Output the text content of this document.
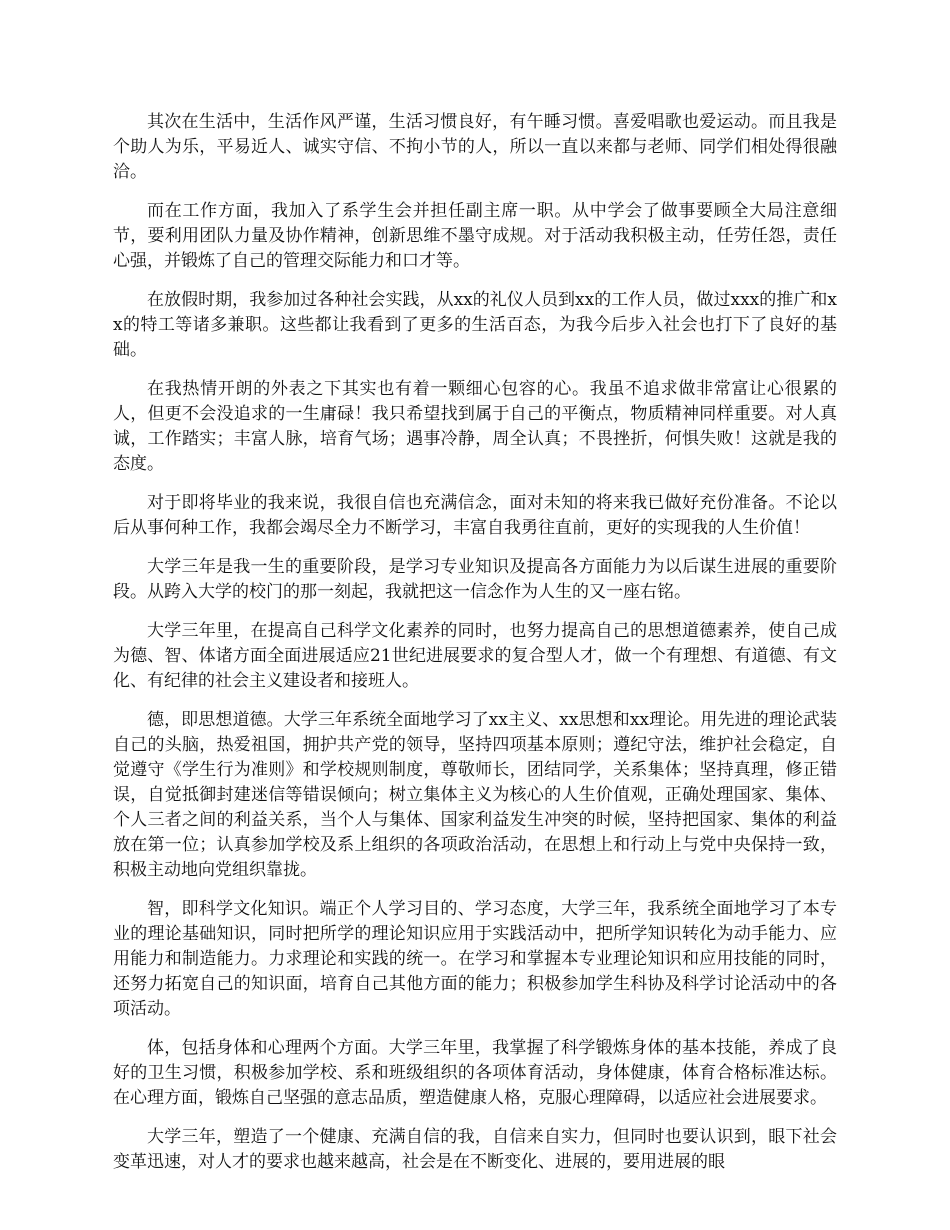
其次在生活中，生活作风严谨，生活习惯良好，有午睡习惯。喜爱唱歌也爱运动。而且我是个助人为乐，平易近人、诚实守信、不拘小节的人，所以一直以来都与老师、同学们相处得很融洽。

而在工作方面，我加入了系学生会并担任副主席一职。从中学会了做事要顾全大局注意细节，要利用团队力量及协作精神，创新思维不墨守成规。对于活动我积极主动，任劳任怨，责任心强，并锻炼了自己的管理交际能力和口才等。

在放假时期，我参加过各种社会实践，从xx的礼仪人员到xx的工作人员，做过xxx的推广和xx的特工等诸多兼职。这些都让我看到了更多的生活百态，为我今后步入社会也打下了良好的基础。

在我热情开朗的外表之下其实也有着一颗细心包容的心。我虽不追求做非常富让心很累的人，但更不会没追求的一生庸碌！我只希望找到属于自己的平衡点，物质精神同样重要。对人真诚，工作踏实；丰富人脉，培育气场；遇事冷静，周全认真；不畏挫折，何惧失败！这就是我的态度。

对于即将毕业的我来说，我很自信也充满信念，面对未知的将来我已做好充份准备。不论以后从事何种工作，我都会竭尽全力不断学习，丰富自我勇往直前，更好的实现我的人生价值！

大学三年是我一生的重要阶段，是学习专业知识及提高各方面能力为以后谋生进展的重要阶段。从跨入大学的校门的那一刻起，我就把这一信念作为人生的又一座右铭。

大学三年里，在提高自己科学文化素养的同时，也努力提高自己的思想道德素养，使自己成为德、智、体诸方面全面进展适应21世纪进展要求的复合型人才，做一个有理想、有道德、有文化、有纪律的社会主义建设者和接班人。

德，即思想道德。大学三年系统全面地学习了xx主义、xx思想和xx理论。用先进的理论武装自己的头脑，热爱祖国，拥护共产党的领导，坚持四项基本原则；遵纪守法，维护社会稳定，自觉遵守《学生行为准则》和学校规则制度，尊敬师长，团结同学，关系集体；坚持真理，修正错误，自觉抵御封建迷信等错误倾向；树立集体主义为核心的人生价值观，正确处理国家、集体、个人三者之间的利益关系，当个人与集体、国家利益发生冲突的时候，坚持把国家、集体的利益放在第一位；认真参加学校及系上组织的各项政治活动，在思想上和行动上与党中央保持一致，积极主动地向党组织靠拢。

智，即科学文化知识。端正个人学习目的、学习态度，大学三年，我系统全面地学习了本专业的理论基础知识，同时把所学的理论知识应用于实践活动中，把所学知识转化为动手能力、应用能力和制造能力。力求理论和实践的统一。在学习和掌握本专业理论知识和应用技能的同时，还努力拓宽自己的知识面，培育自己其他方面的能力；积极参加学生科协及科学讨论活动中的各项活动。

体，包括身体和心理两个方面。大学三年里，我掌握了科学锻炼身体的基本技能，养成了良好的卫生习惯，积极参加学校、系和班级组织的各项体育活动，身体健康，体育合格标准达标。在心理方面，锻炼自己坚强的意志品质，塑造健康人格，克服心理障碍，以适应社会进展要求。

大学三年，塑造了一个健康、充满自信的我，自信来自实力，但同时也要认识到，眼下社会变革迅速，对人才的要求也越来越高，社会是在不断变化、进展的，要用进展的眼
